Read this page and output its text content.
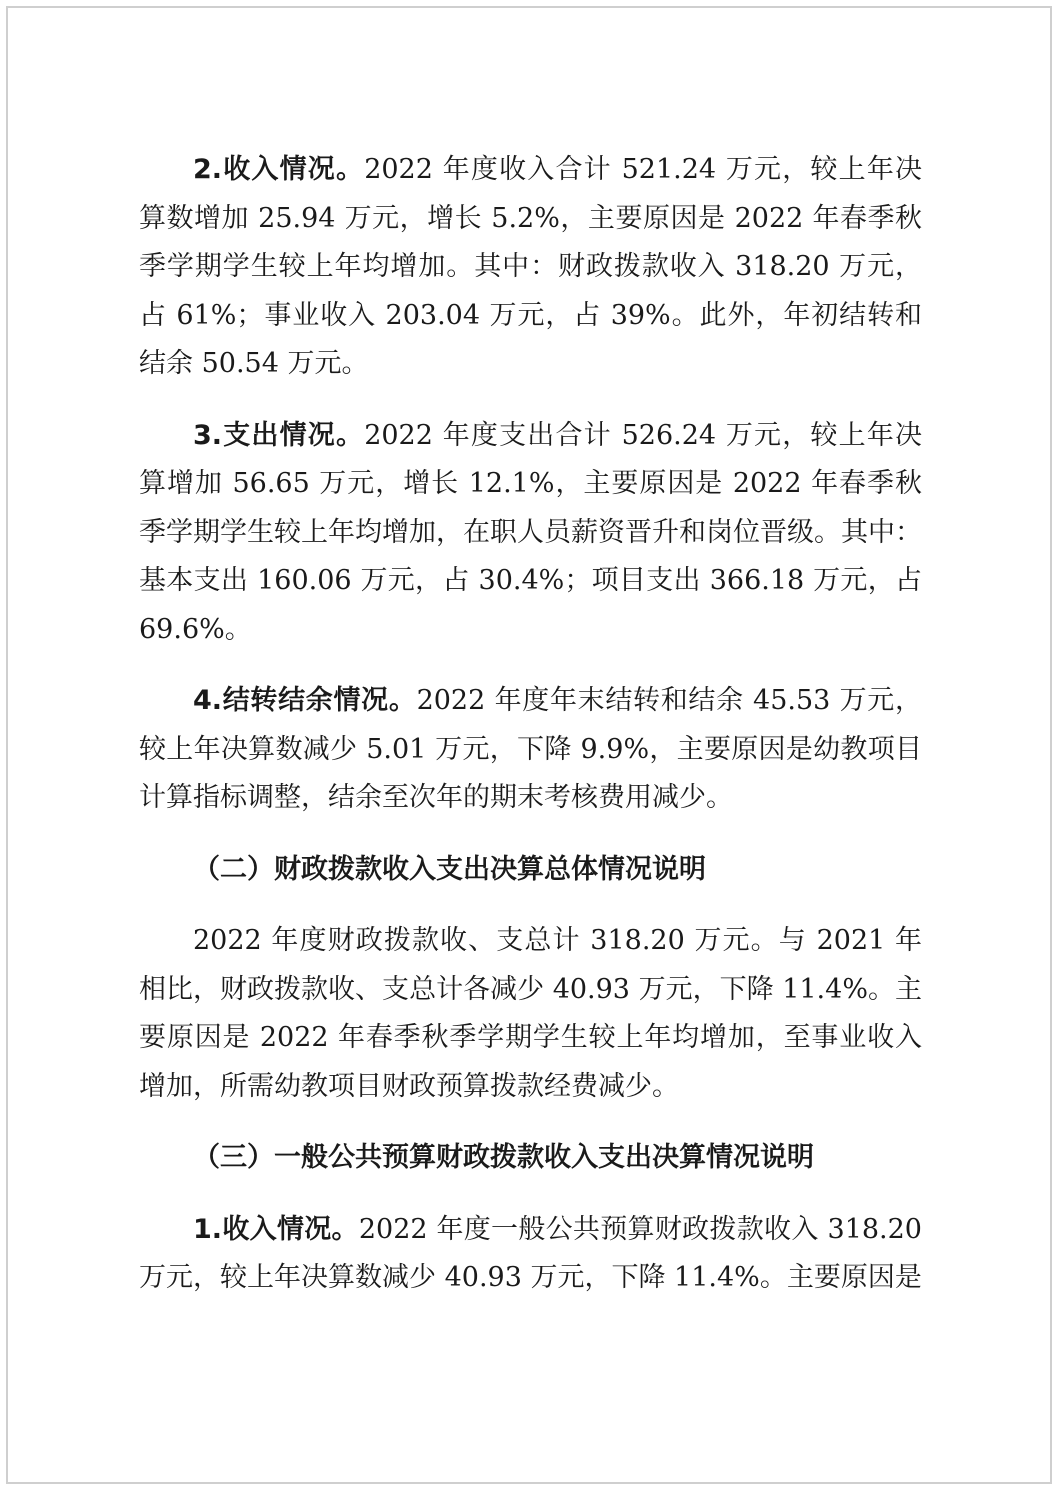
2.收入情况。2022 年度收入合计 521.24 万元，较上年决算数增加 25.94 万元，增长 5.2%，主要原因是 2022 年春季秋季学期学生较上年均增加。其中：财政拨款收入 318.20 万元，占 61%；事业收入 203.04 万元，占 39%。此外，年初结转和结余 50.54 万元。

3.支出情况。2022 年度支出合计 526.24 万元，较上年决算增加 56.65 万元，增长 12.1%，主要原因是 2022 年春季秋季学期学生较上年均增加，在职人员薪资晋升和岗位晋级。其中：基本支出 160.06 万元，占 30.4%；项目支出 366.18 万元，占 69.6%。

4.结转结余情况。2022 年度年末结转和结余 45.53 万元，较上年决算数减少 5.01 万元，下降 9.9%，主要原因是幼教项目计算指标调整，结余至次年的期末考核费用减少。

（二）财政拨款收入支出决算总体情况说明

2022 年度财政拨款收、支总计 318.20 万元。与 2021 年相比，财政拨款收、支总计各减少 40.93 万元，下降 11.4%。主要原因是 2022 年春季秋季学期学生较上年均增加，至事业收入增加，所需幼教项目财政预算拨款经费减少。

（三）一般公共预算财政拨款收入支出决算情况说明

1.收入情况。2022 年度一般公共预算财政拨款收入 318.20 万元，较上年决算数减少 40.93 万元，下降 11.4%。主要原因是
